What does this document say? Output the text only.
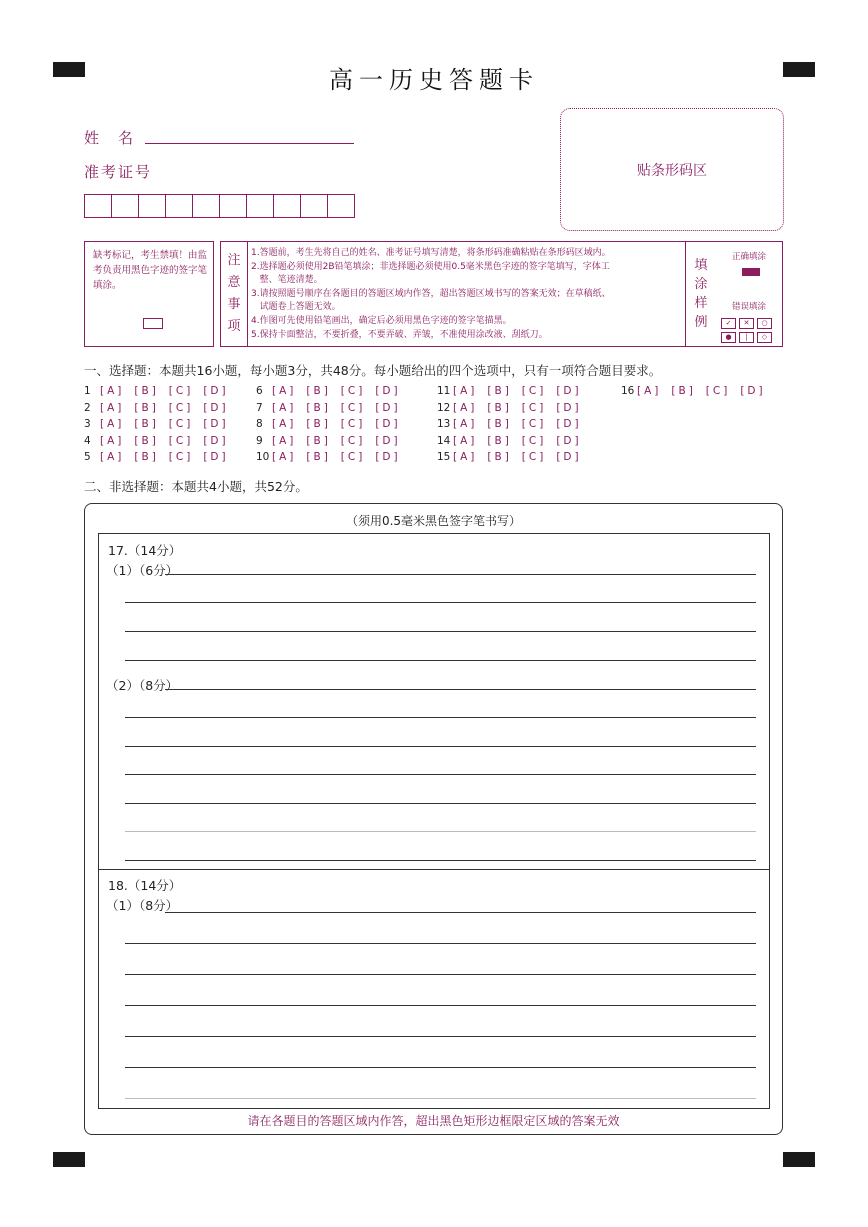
高一历史答题卡
姓　名
准考证号	贴条形码区
缺考标记，考生禁填！由监考负责用黑色字迹的签字笔填涂。
注
意
事
项
1.答题前，考生先将自己的姓名、准考证号填写清楚，将条形码准确粘贴在条形码区域内。
2.选择题必须使用2B铅笔填涂；非选择题必须使用0.5毫米黑色字迹的签字笔填写，字体工
整、笔迹清楚。
3.请按照题号顺序在各题目的答题区域内作答，超出答题区域书写的答案无效；在草稿纸、
试题卷上答题无效。
4.作图可先使用铅笔画出，确定后必须用黑色字迹的签字笔描黑。
5.保持卡面整洁，不要折叠，不要弄破、弄皱，不准使用涂改液、刮纸刀。
填
涂
样
例
正确填涂
错误填涂
✓	✕	○
●	|	◇
一、选择题：本题共16小题，每小题3分，共48分。每小题给出的四个选项中，只有一项符合题目要求。
1 [A] [B] [C] [D]
2 [A] [B] [C] [D]
3 [A] [B] [C] [D]
4 [A] [B] [C] [D]
5 [A] [B] [C] [D]
6 [A] [B] [C] [D]
7 [A] [B] [C] [D]
8 [A] [B] [C] [D]
9 [A] [B] [C] [D]
10 [A] [B] [C] [D]
11 [A] [B] [C] [D]
12 [A] [B] [C] [D]
13 [A] [B] [C] [D]
14 [A] [B] [C] [D]
15 [A] [B] [C] [D]
16 [A] [B] [C] [D]
二、非选择题：本题共4小题，共52分。
（须用0.5毫米黑色签字笔书写）
17.（14分）
（1）（6分）
（2）（8分）
18.（14分）
（1）（8分）
请在各题目的答题区域内作答，超出黑色矩形边框限定区域的答案无效
